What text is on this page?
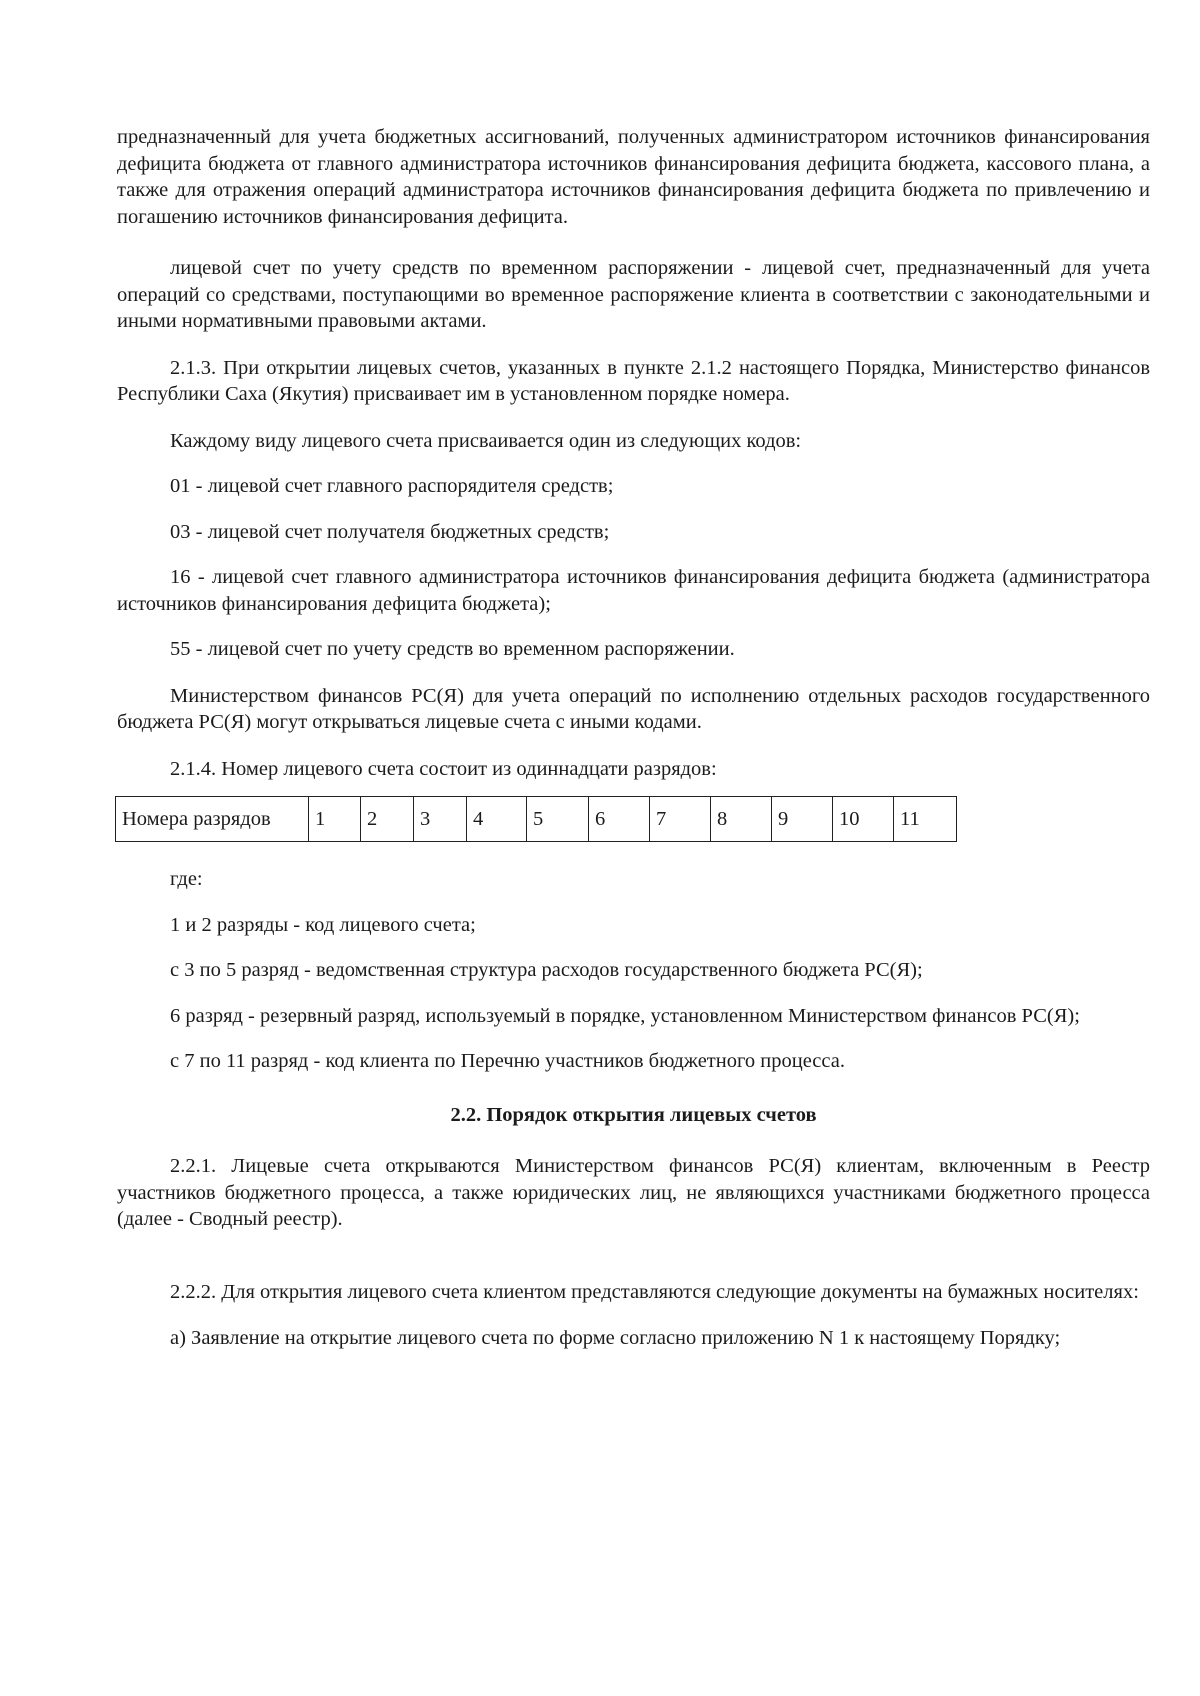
предназначенный для учета бюджетных ассигнований, полученных администратором источников финансирования дефицита бюджета от главного администратора источников финансирования дефицита бюджета, кассового плана, а также для отражения операций администратора источников финансирования дефицита бюджета по привлечению и погашению источников финансирования дефицита.

лицевой счет по учету средств по временном распоряжении - лицевой счет, предназначенный для учета операций со средствами, поступающими во временное распоряжение клиента в соответствии с законодательными и иными нормативными правовыми актами.

2.1.3. При открытии лицевых счетов, указанных в пункте 2.1.2 настоящего Порядка, Министерство финансов Республики Саха (Якутия) присваивает им в установленном порядке номера.

Каждому виду лицевого счета присваивается один из следующих кодов:

01 - лицевой счет главного распорядителя средств;

03 - лицевой счет получателя бюджетных средств;

16 - лицевой счет главного администратора источников финансирования дефицита бюджета (администратора источников финансирования дефицита бюджета);

55 - лицевой счет по учету средств во временном распоряжении.

Министерством финансов РС(Я) для учета операций по исполнению отдельных расходов государственного бюджета РС(Я) могут открываться лицевые счета с иными кодами.

2.1.4. Номер лицевого счета состоит из одиннадцати разрядов:

Номера разрядов	1	2	3	4	5	6	7	8	9	10	11

где:

1 и 2 разряды - код лицевого счета;

с 3 по 5 разряд - ведомственная структура расходов государственного бюджета РС(Я);

6 разряд - резервный разряд, используемый в порядке, установленном Министерством финансов РС(Я);

с 7 по 11 разряд - код клиента по Перечню участников бюджетного процесса.

2.2. Порядок открытия лицевых счетов

2.2.1. Лицевые счета открываются Министерством финансов РС(Я) клиентам, включенным в Реестр участников бюджетного процесса, а также юридических лиц, не являющихся участниками бюджетного процесса (далее - Сводный реестр).

2.2.2. Для открытия лицевого счета клиентом представляются следующие документы на бумажных носителях:

а) Заявление на открытие лицевого счета по форме согласно приложению N 1 к настоящему Порядку;
